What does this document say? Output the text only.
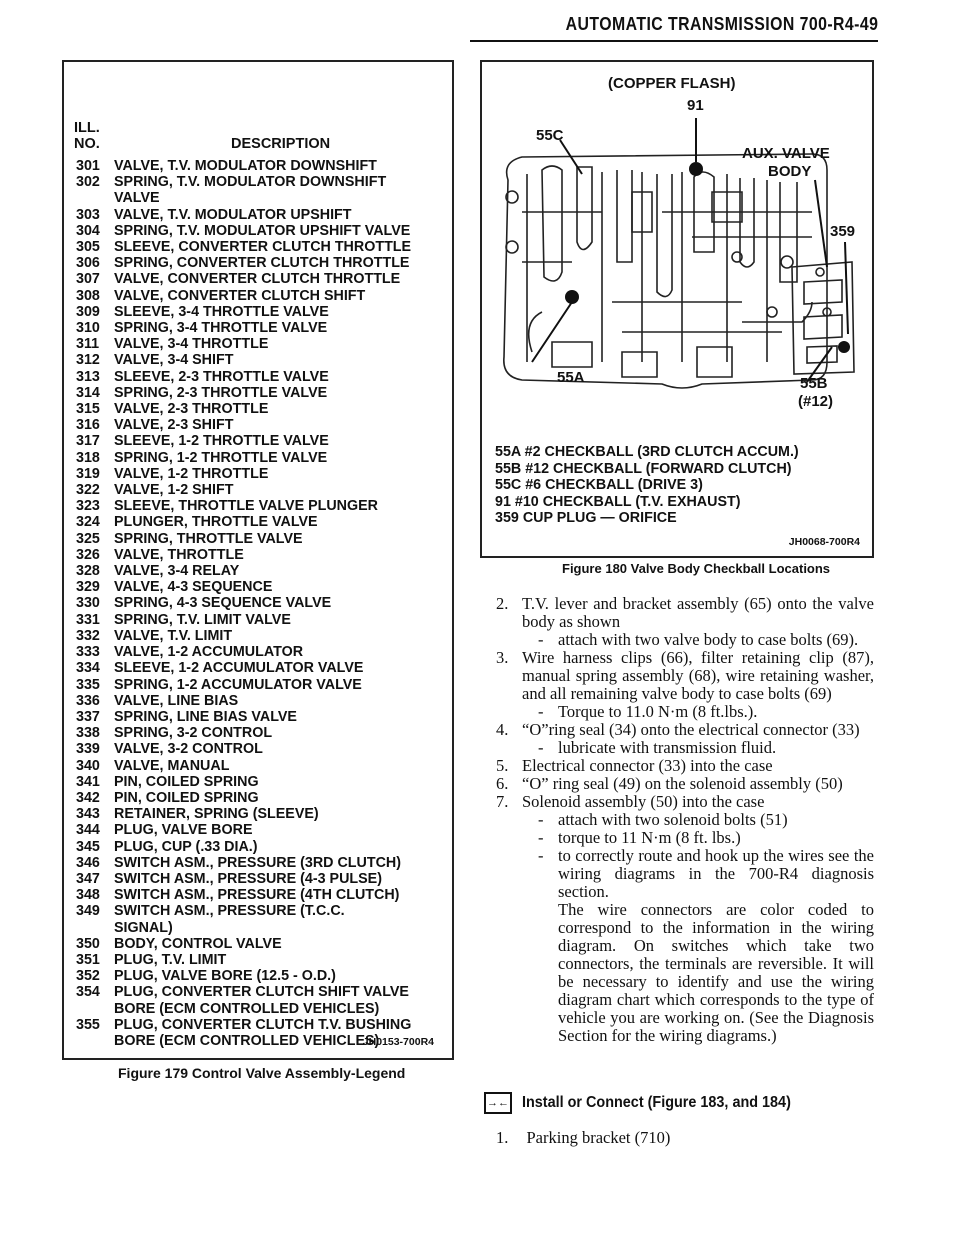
AUTOMATIC TRANSMISSION 700-R4-49
ILL.
NO.	DESCRIPTION
301 VALVE, T.V. MODULATOR DOWNSHIFT
302 SPRING, T.V. MODULATOR DOWNSHIFT
VALVE
303 VALVE, T.V. MODULATOR UPSHIFT
304 SPRING, T.V. MODULATOR UPSHIFT VALVE
305 SLEEVE, CONVERTER CLUTCH THROTTLE
306 SPRING, CONVERTER CLUTCH THROTTLE
307 VALVE, CONVERTER CLUTCH THROTTLE
308 VALVE, CONVERTER CLUTCH SHIFT
309 SLEEVE, 3-4 THROTTLE VALVE
310 SPRING, 3-4 THROTTLE VALVE
311 VALVE, 3-4 THROTTLE
312 VALVE, 3-4 SHIFT
313 SLEEVE, 2-3 THROTTLE VALVE
314 SPRING, 2-3 THROTTLE VALVE
315 VALVE, 2-3 THROTTLE
316 VALVE, 2-3 SHIFT
317 SLEEVE, 1-2 THROTTLE VALVE
318 SPRING, 1-2 THROTTLE VALVE
319 VALVE, 1-2 THROTTLE
322 VALVE, 1-2 SHIFT
323 SLEEVE, THROTTLE VALVE PLUNGER
324 PLUNGER, THROTTLE VALVE
325 SPRING, THROTTLE VALVE
326 VALVE, THROTTLE
328 VALVE, 3-4 RELAY
329 VALVE, 4-3 SEQUENCE
330 SPRING, 4-3 SEQUENCE VALVE
331 SPRING, T.V. LIMIT VALVE
332 VALVE, T.V. LIMIT
333 VALVE, 1-2 ACCUMULATOR
334 SLEEVE, 1-2 ACCUMULATOR VALVE
335 SPRING, 1-2 ACCUMULATOR VALVE
336 VALVE, LINE BIAS
337 SPRING, LINE BIAS VALVE
338 SPRING, 3-2 CONTROL
339 VALVE, 3-2 CONTROL
340 VALVE, MANUAL
341 PIN, COILED SPRING
342 PIN, COILED SPRING
343 RETAINER, SPRING (SLEEVE)
344 PLUG, VALVE BORE
345 PLUG, CUP (.33 DIA.)
346 SWITCH ASM., PRESSURE (3RD CLUTCH)
347 SWITCH ASM., PRESSURE (4-3 PULSE)
348 SWITCH ASM., PRESSURE (4TH CLUTCH)
349 SWITCH ASM., PRESSURE (T.C.C.
SIGNAL)
350 BODY, CONTROL VALVE
351 PLUG, T.V. LIMIT
352 PLUG, VALVE BORE (12.5 - O.D.)
354 PLUG, CONVERTER CLUTCH SHIFT VALVE
BORE (ECM CONTROLLED VEHICLES)
355 PLUG, CONVERTER CLUTCH T.V. BUSHING
BORE (ECM CONTROLLED VEHICLES)
JH0153-700R4
Figure 179 Control Valve Assembly-Legend
(COPPER FLASH)
91
55C
AUX. VALVE
BODY
359
55A	55B
(#12)
55A #2 CHECKBALL (3RD CLUTCH ACCUM.)
55B #12 CHECKBALL (FORWARD CLUTCH)
55C #6 CHECKBALL (DRIVE 3)
91 #10 CHECKBALL (T.V. EXHAUST)
359 CUP PLUG — ORIFICE
JH0068-700R4
Figure 180 Valve Body Checkball Locations
2. T.V. lever and bracket assembly (65) onto the valve body as shown
- attach with two valve body to case bolts (69).
3. Wire harness clips (66), filter retaining clip (87), manual spring assembly (68), wire retaining washer, and all remaining valve body to case bolts (69)
- Torque to 11.0 N·m (8 ft.lbs.).
4. “O”ring seal (34) onto the electrical connector (33)
- lubricate with transmission fluid.
5. Electrical connector (33) into the case
6. “O” ring seal (49) on the solenoid assembly (50)
7. Solenoid assembly (50) into the case
- attach with two solenoid bolts (51)
- torque to 11 N·m (8 ft. lbs.)
- to correctly route and hook up the wires see the wiring diagrams in the 700-R4 diagnosis section.
The wire connectors are color coded to correspond to the information in the wiring diagram. On switches which take two connectors, the terminals are reversible. It will be necessary to identify and use the wiring diagram chart which corresponds to the type of vehicle you are working on. (See the Diagnosis Section for the wiring diagrams.)
→← Install or Connect (Figure 183, and 184)
1. Parking bracket (710)
